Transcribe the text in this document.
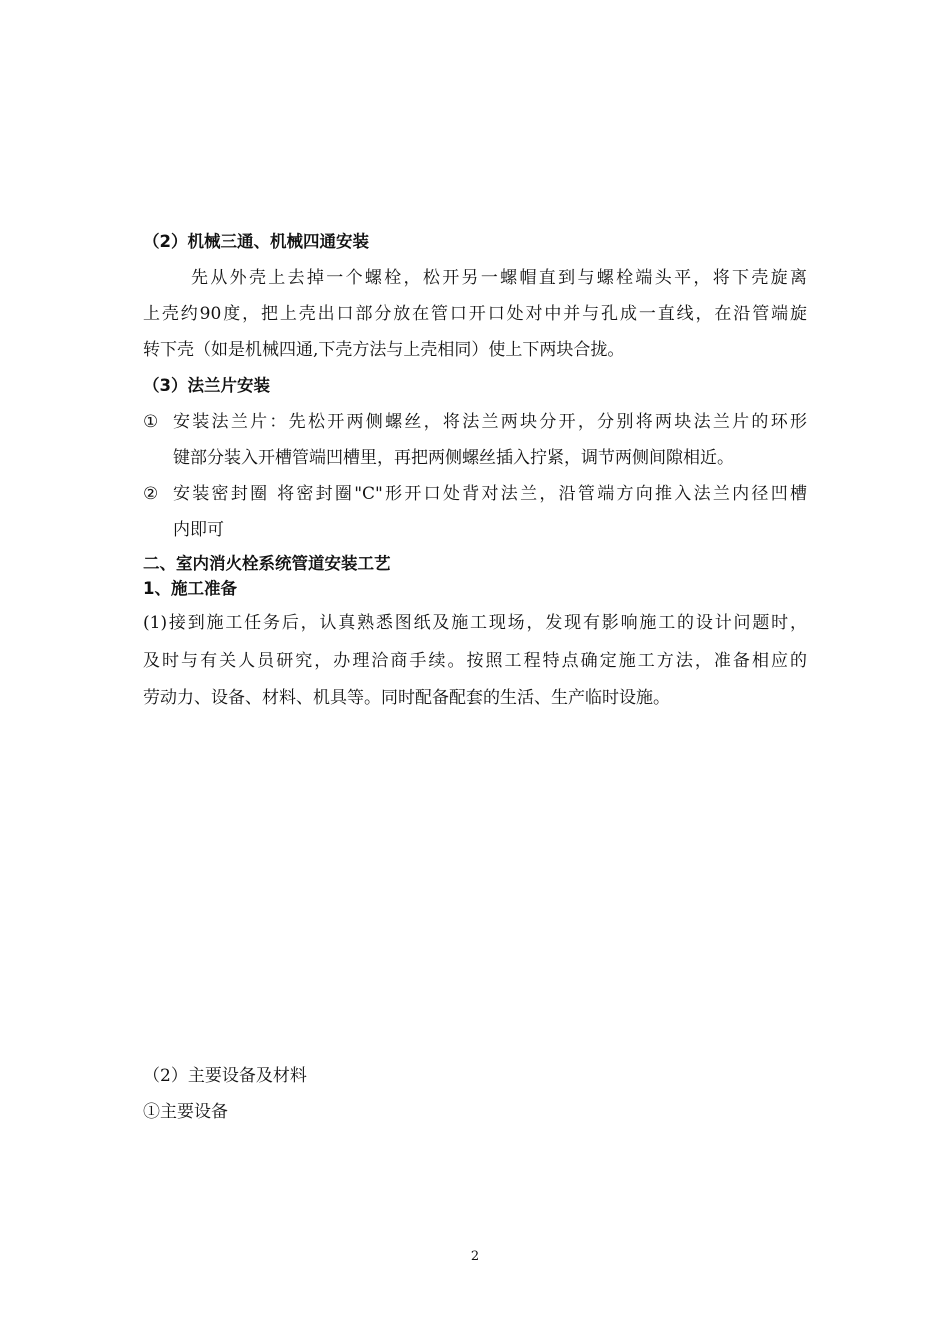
（2）机械三通、机械四通安装
先从外壳上去掉一个螺栓，松开另一螺帽直到与螺栓端头平，将下壳旋离
上壳约90度，把上壳出口部分放在管口开口处对中并与孔成一直线，在沿管端旋
转下壳（如是机械四通,下壳方法与上壳相同）使上下两块合拢。
（3）法兰片安装
① 安装法兰片：先松开两侧螺丝，将法兰两块分开，分别将两块法兰片的环形
键部分装入开槽管端凹槽里，再把两侧螺丝插入拧紧，调节两侧间隙相近。
② 安装密封圈 将密封圈"C"形开口处背对法兰，沿管端方向推入法兰内径凹槽
内即可
二、室内消火栓系统管道安装工艺
1、施工准备
(1)接到施工任务后，认真熟悉图纸及施工现场，发现有影响施工的设计问题时，
及时与有关人员研究，办理洽商手续。按照工程特点确定施工方法，准备相应的
劳动力、设备、材料、机具等。同时配备配套的生活、生产临时设施。
（2）主要设备及材料
①主要设备
2
